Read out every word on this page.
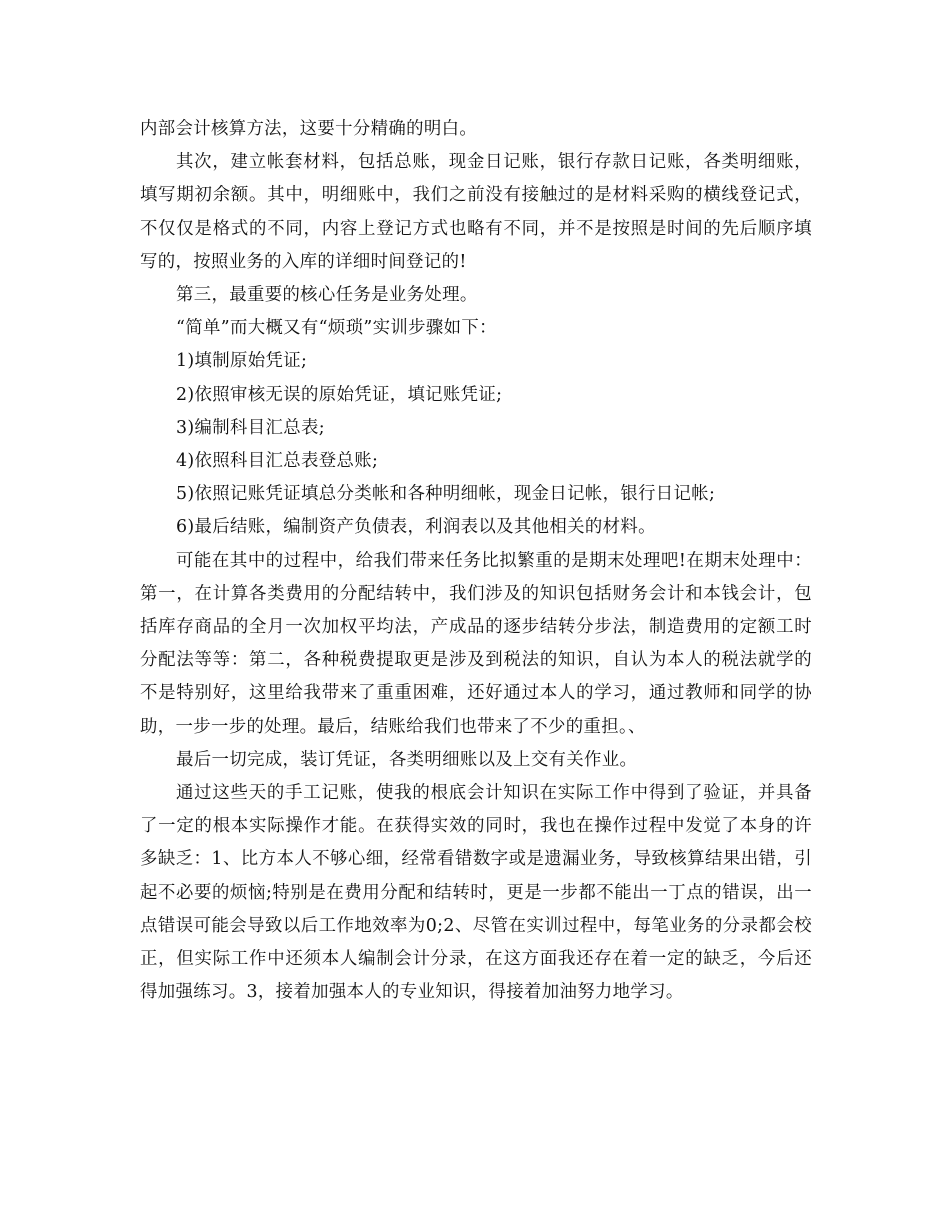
内部会计核算方法，这要十分精确的明白。

其次，建立帐套材料，包括总账，现金日记账，银行存款日记账，各类明细账，填写期初余额。其中，明细账中，我们之前没有接触过的是材料采购的横线登记式，不仅仅是格式的不同，内容上登记方式也略有不同，并不是按照是时间的先后顺序填写的，按照业务的入库的详细时间登记的!

第三，最重要的核心任务是业务处理。

“简单”而大概又有“烦琐”实训步骤如下：

1)填制原始凭证;

2)依照审核无误的原始凭证，填记账凭证;

3)编制科目汇总表;

4)依照科目汇总表登总账;

5)依照记账凭证填总分类帐和各种明细帐，现金日记帐，银行日记帐;

6)最后结账，编制资产负债表，利润表以及其他相关的材料。

可能在其中的过程中，给我们带来任务比拟繁重的是期末处理吧!在期末处理中：第一，在计算各类费用的分配结转中，我们涉及的知识包括财务会计和本钱会计，包括库存商品的全月一次加权平均法，产成品的逐步结转分步法，制造费用的定额工时分配法等等：第二，各种税费提取更是涉及到税法的知识，自认为本人的税法就学的不是特别好，这里给我带来了重重困难，还好通过本人的学习，通过教师和同学的协助，一步一步的处理。最后，结账给我们也带来了不少的重担。、

最后一切完成，装订凭证，各类明细账以及上交有关作业。

通过这些天的手工记账，使我的根底会计知识在实际工作中得到了验证，并具备了一定的根本实际操作才能。在获得实效的同时，我也在操作过程中发觉了本身的许多缺乏：1、比方本人不够心细，经常看错数字或是遗漏业务，导致核算结果出错，引起不必要的烦恼;特别是在费用分配和结转时，更是一步都不能出一丁点的错误，出一点错误可能会导致以后工作地效率为0;2、尽管在实训过程中，每笔业务的分录都会校正，但实际工作中还须本人编制会计分录，在这方面我还存在着一定的缺乏，今后还得加强练习。3，接着加强本人的专业知识，得接着加油努力地学习。
